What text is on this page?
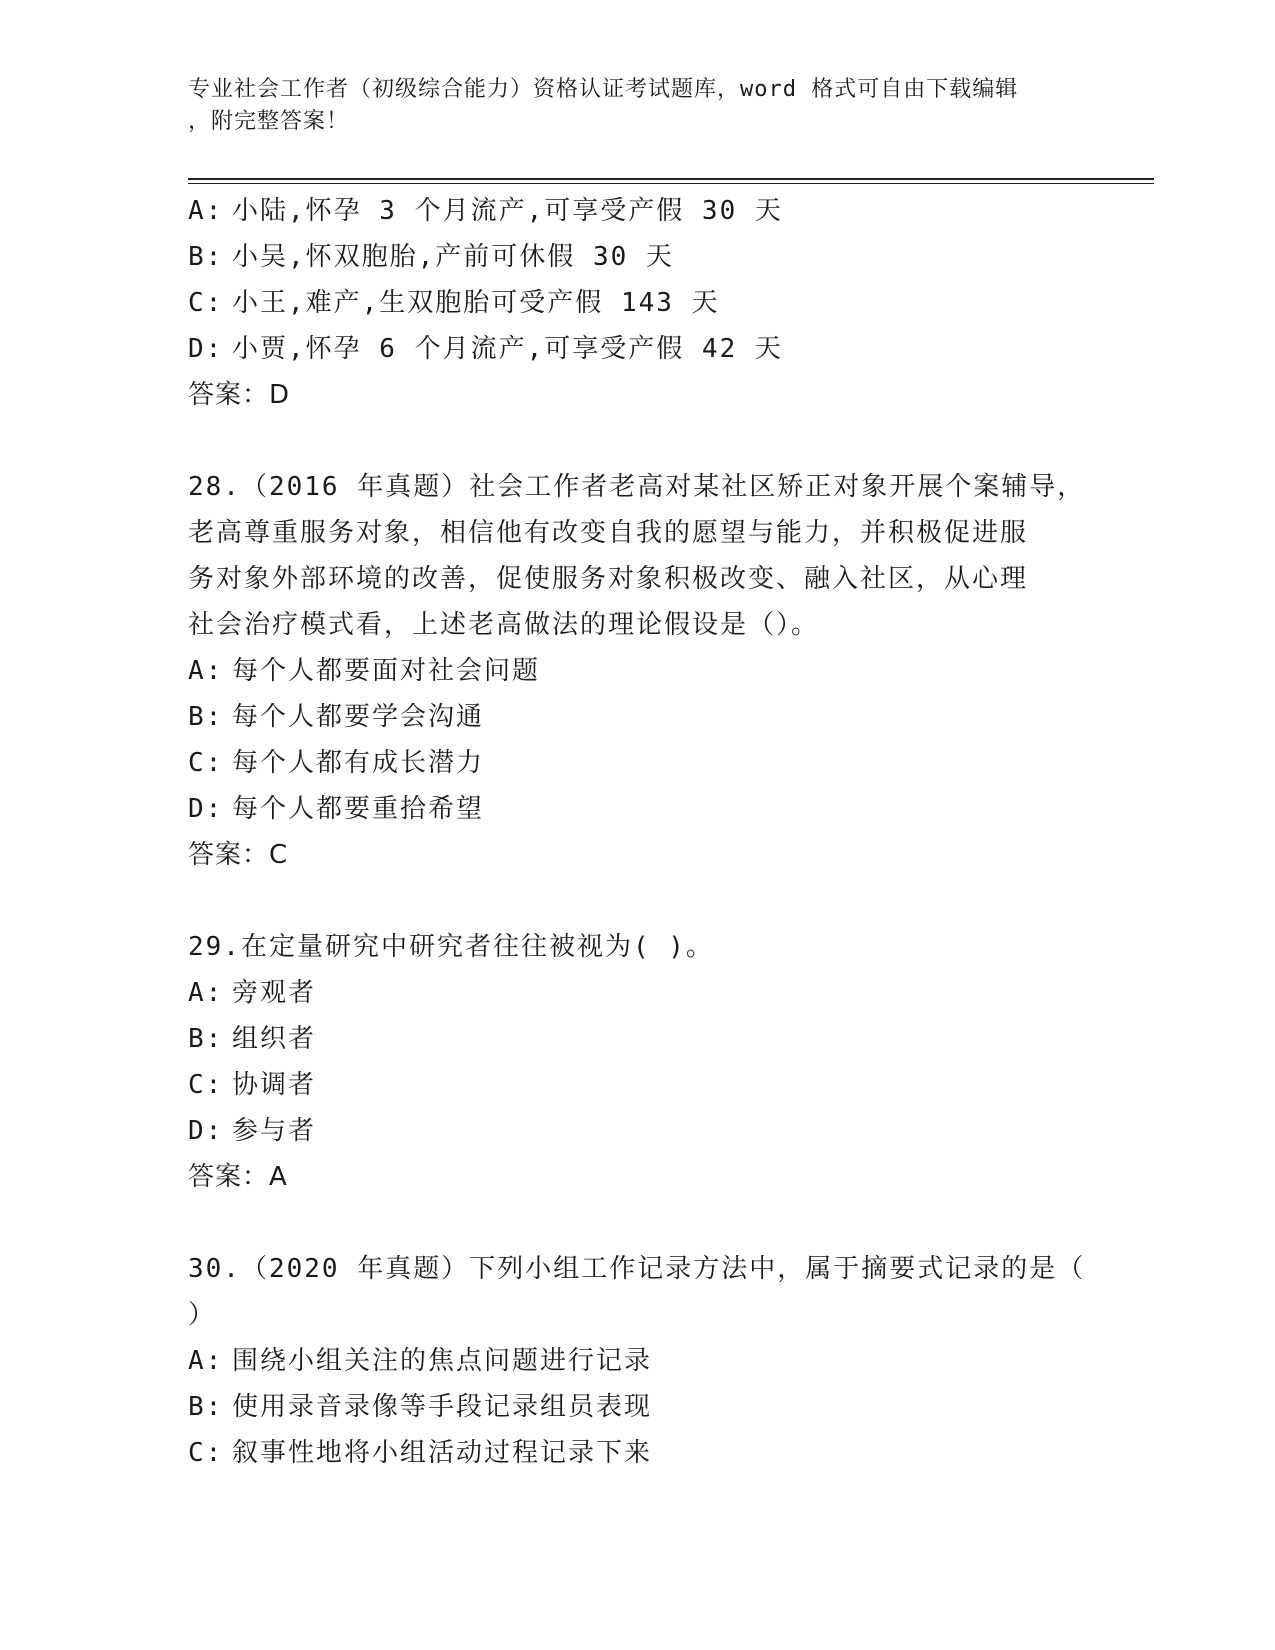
专业社会工作者（初级综合能力）资格认证考试题库，word 格式可自由下载编辑
，附完整答案！
A: 小陆,怀孕 3 个月流产,可享受产假 30 天
B: 小吴,怀双胞胎,产前可休假 30 天
C: 小王,难产,生双胞胎可受产假 143 天
D: 小贾,怀孕 6 个月流产,可享受产假 42 天
答案：D
28.（2016 年真题）社会工作者老高对某社区矫正对象开展个案辅导，
老高尊重服务对象，相信他有改变自我的愿望与能力，并积极促进服
务对象外部环境的改善，促使服务对象积极改变、融入社区，从心理
社会治疗模式看，上述老高做法的理论假设是（）。
A: 每个人都要面对社会问题
B: 每个人都要学会沟通
C: 每个人都有成长潜力
D: 每个人都要重拾希望
答案：C
29.在定量研究中研究者往往被视为( )。
A: 旁观者
B: 组织者
C: 协调者
D: 参与者
答案：A
30.（2020 年真题）下列小组工作记录方法中，属于摘要式记录的是（
）
A: 围绕小组关注的焦点问题进行记录
B: 使用录音录像等手段记录组员表现
C: 叙事性地将小组活动过程记录下来
